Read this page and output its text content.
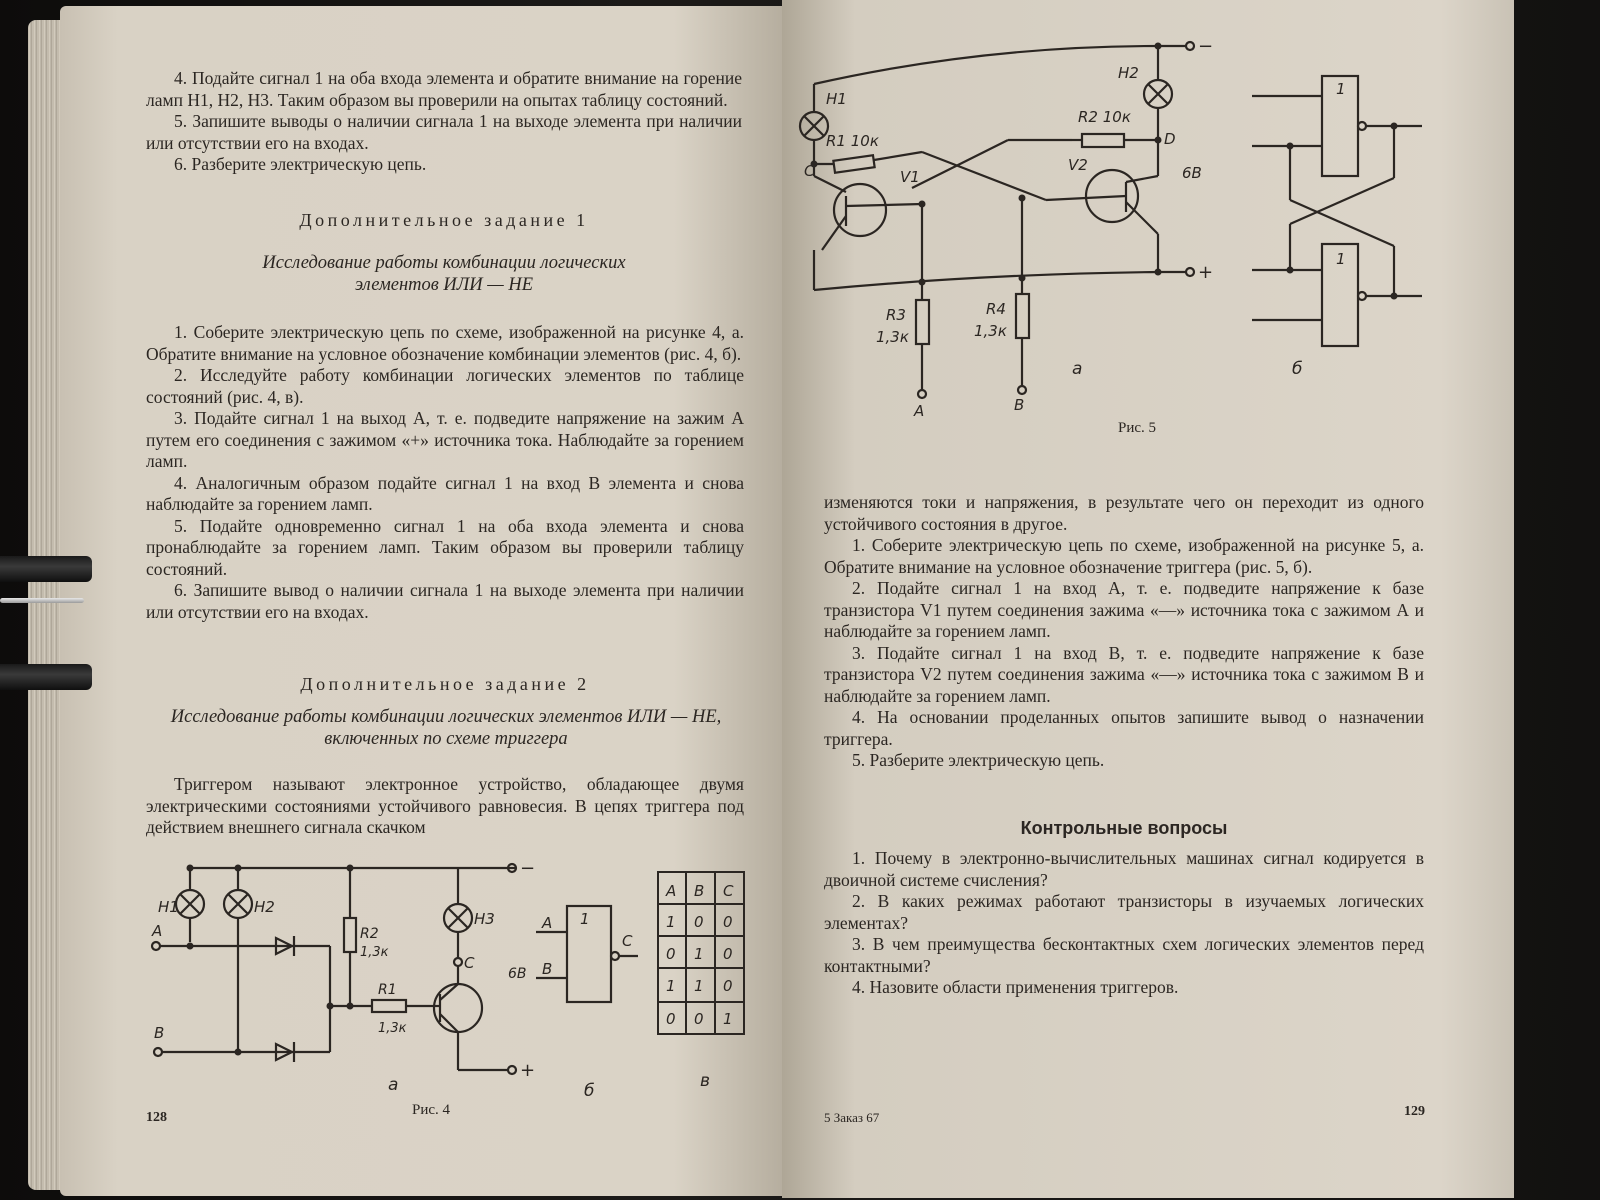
4. Подайте сигнал 1 на оба входа элемента и обратите внимание на горение ламп H1, H2, H3. Таким образом вы проверили на опытах таблицу состояний.

5. Запишите выводы о наличии сигнала 1 на выходе элемента при наличии или отсутствии его на входах.

6. Разберите электрическую цепь.

Дополнительное задание 1
Исследование работы комбинации логических элементов ИЛИ — НЕ

1. Соберите электрическую цепь по схеме, изображенной на рисунке 4, а. Обратите внимание на условное обозначение комбинации элементов (рис. 4, б).

2. Исследуйте работу комбинации логических элементов по таблице состояний (рис. 4, в).

3. Подайте сигнал 1 на выход А, т. е. подведите напряжение на зажим А путем его соединения с зажимом «+» источника тока. Наблюдайте за горением ламп.

4. Аналогичным образом подайте сигнал 1 на вход В элемента и снова наблюдайте за горением ламп.

5. Подайте одновременно сигнал 1 на оба входа элемента и снова пронаблюдайте за горением ламп. Таким образом вы проверили таблицу состояний.

6. Запишите вывод о наличии сигнала 1 на выходе элемента при наличии или отсутствии его на входах.

Дополнительное задание 2
Исследование работы комбинации логических элементов ИЛИ — НЕ, включенных по схеме триггера

Триггером называют электронное устройство, обладающее двумя электрическими состояниями устойчивого равновесия. В цепях триггера под действием внешнего сигнала скачком

H1	H2
H3
A
B
C
R2
1,3к
R1
1,3к
−
+
1
A
B
C
6В
A B C
1 0 0
0 1 0
1 1 0
0 0 1
а	б	в
Рис. 4
128
H1
H2
R1 10к
R2 10к
V1
V2
C
D
6В
R3
1,3к
R4
1,3к
A	B
−
+
1
1
а	б
Рис. 5

изменяются токи и напряжения, в результате чего он переходит из одного устойчивого состояния в другое.

1. Соберите электрическую цепь по схеме, изображенной на рисунке 5, а. Обратите внимание на условное обозначение триггера (рис. 5, б).

2. Подайте сигнал 1 на вход А, т. е. подведите напряжение к базе транзистора V1 путем соединения зажима «—» источника тока с зажимом А и наблюдайте за горением ламп.

3. Подайте сигнал 1 на вход В, т. е. подведите напряжение к базе транзистора V2 путем соединения зажима «—» источника тока с зажимом В и наблюдайте за горением ламп.

4. На основании проделанных опытов запишите вывод о назначении триггера.

5. Разберите электрическую цепь.

Контрольные вопросы

1. Почему в электронно-вычислительных машинах сигнал кодируется в двоичной системе счисления?

2. В каких режимах работают транзисторы в изучаемых логических элементах?

3. В чем преимущества бесконтактных схем логических элементов перед контактными?

4. Назовите области применения триггеров.

5 Заказ 67	129
